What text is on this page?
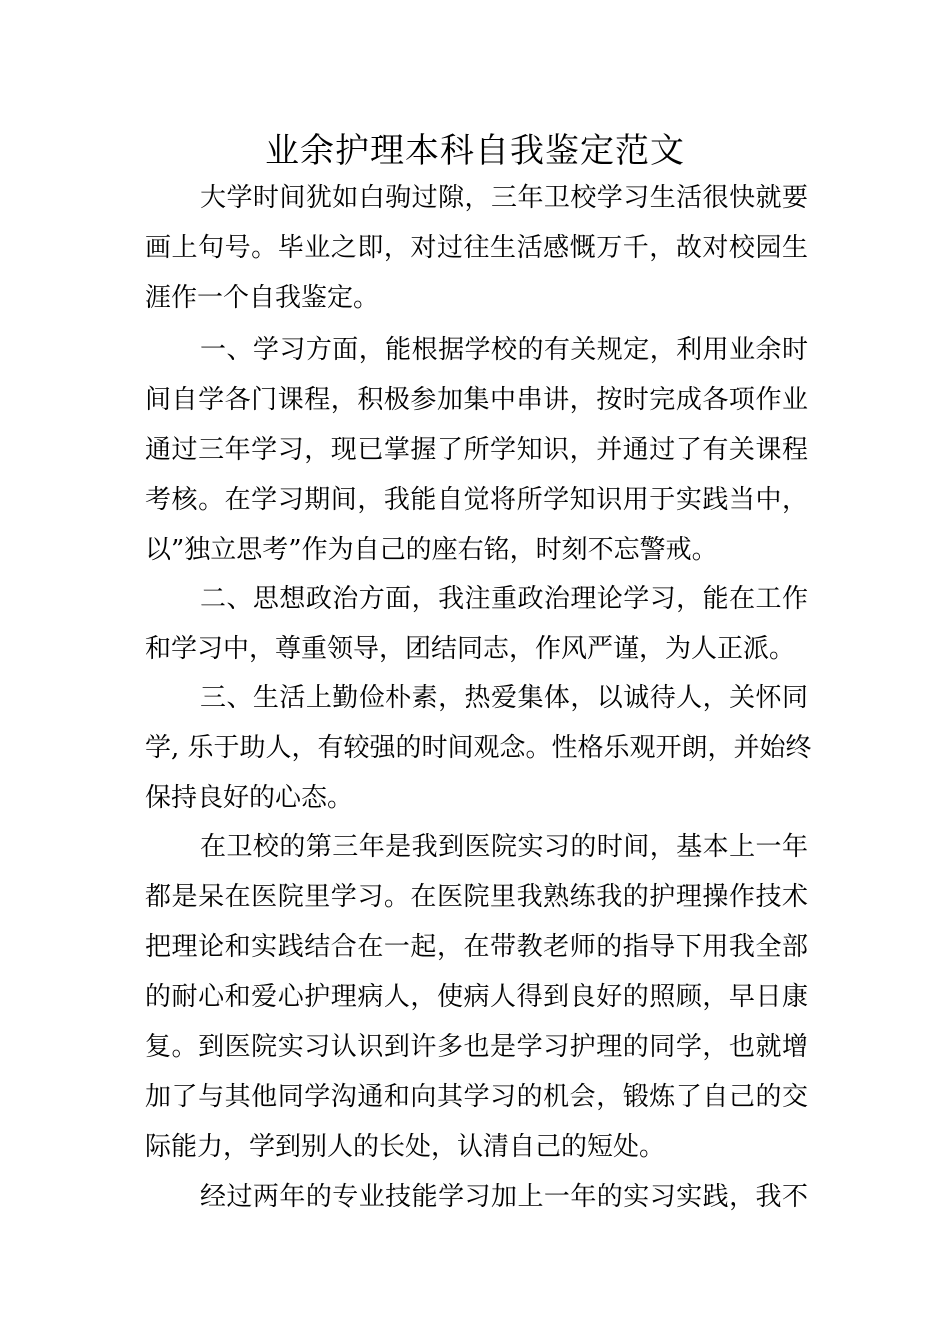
业余护理本科自我鉴定范文

大学时间犹如白驹过隙，三年卫校学习生活很快就要

画上句号。毕业之即，对过往生活感慨万千，故对校园生

涯作一个自我鉴定。

一、学习方面，能根据学校的有关规定，利用业余时

间自学各门课程，积极参加集中串讲，按时完成各项作业

通过三年学习，现已掌握了所学知识，并通过了有关课程

考核。在学习期间，我能自觉将所学知识用于实践当中，

以”独立思考”作为自己的座右铭，时刻不忘警戒。

二、思想政治方面，我注重政治理论学习，能在工作

和学习中，尊重领导，团结同志，作风严谨，为人正派。

三、生活上勤俭朴素，热爱集体，以诚待人，关怀同

学, 乐于助人，有较强的时间观念。性格乐观开朗，并始终

保持良好的心态。

在卫校的第三年是我到医院实习的时间，基本上一年

都是呆在医院里学习。在医院里我熟练我的护理操作技术

把理论和实践结合在一起，在带教老师的指导下用我全部

的耐心和爱心护理病人，使病人得到良好的照顾，早日康

复。到医院实习认识到许多也是学习护理的同学，也就增

加了与其他同学沟通和向其学习的机会，锻炼了自己的交

际能力，学到别人的长处，认清自己的短处。

经过两年的专业技能学习加上一年的实习实践，我不
